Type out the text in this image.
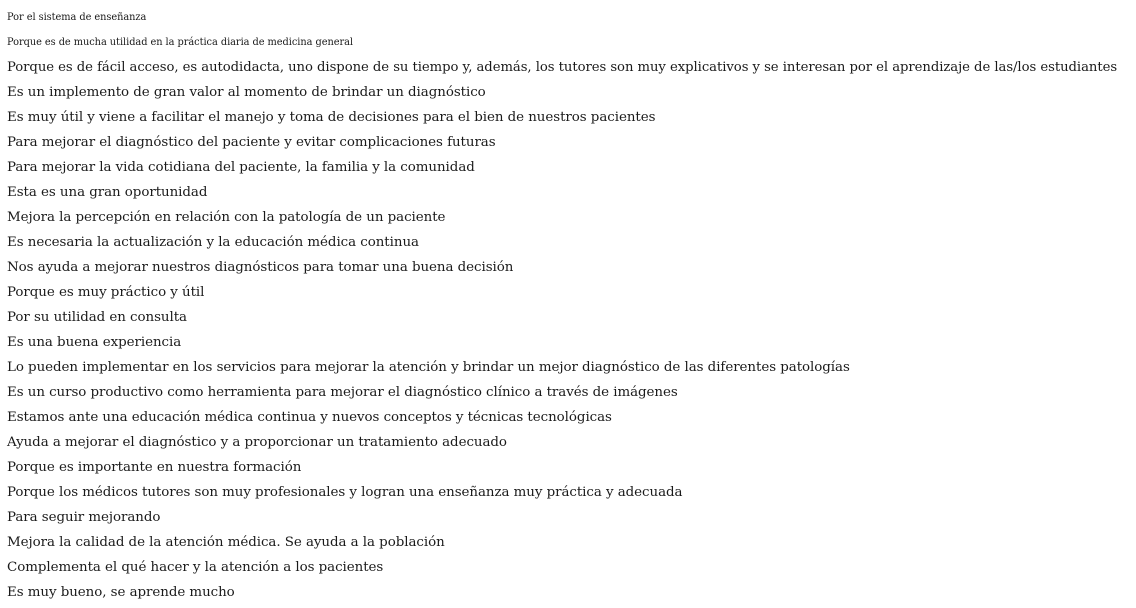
Por el sistema de enseñanza
Porque es de mucha utilidad en la práctica diaria de medicina general
Porque es de fácil acceso, es autodidacta, uno dispone de su tiempo y, además, los tutores son muy explicativos y se interesan por el aprendizaje de las/los estudiantes
Es un implemento de gran valor al momento de brindar un diagnóstico
Es muy útil y viene a facilitar el manejo y toma de decisiones para el bien de nuestros pacientes
Para mejorar el diagnóstico del paciente y evitar complicaciones futuras
Para mejorar la vida cotidiana del paciente, la familia y la comunidad
Esta es una gran oportunidad
Mejora la percepción en relación con la patología de un paciente
Es necesaria la actualización y la educación médica continua
Nos ayuda a mejorar nuestros diagnósticos para tomar una buena decisión
Porque es muy práctico y útil
Por su utilidad en consulta
Es una buena experiencia
Lo pueden implementar en los servicios para mejorar la atención y brindar un mejor diagnóstico de las diferentes patologías
Es un curso productivo como herramienta para mejorar el diagnóstico clínico a través de imágenes
Estamos ante una educación médica continua y nuevos conceptos y técnicas tecnológicas
Ayuda a mejorar el diagnóstico y a proporcionar un tratamiento adecuado
Porque es importante en nuestra formación
Porque los médicos tutores son muy profesionales y logran una enseñanza muy práctica y adecuada
Para seguir mejorando
Mejora la calidad de la atención médica. Se ayuda a la población
Complementa el qué hacer y la atención a los pacientes
Es muy bueno, se aprende mucho
